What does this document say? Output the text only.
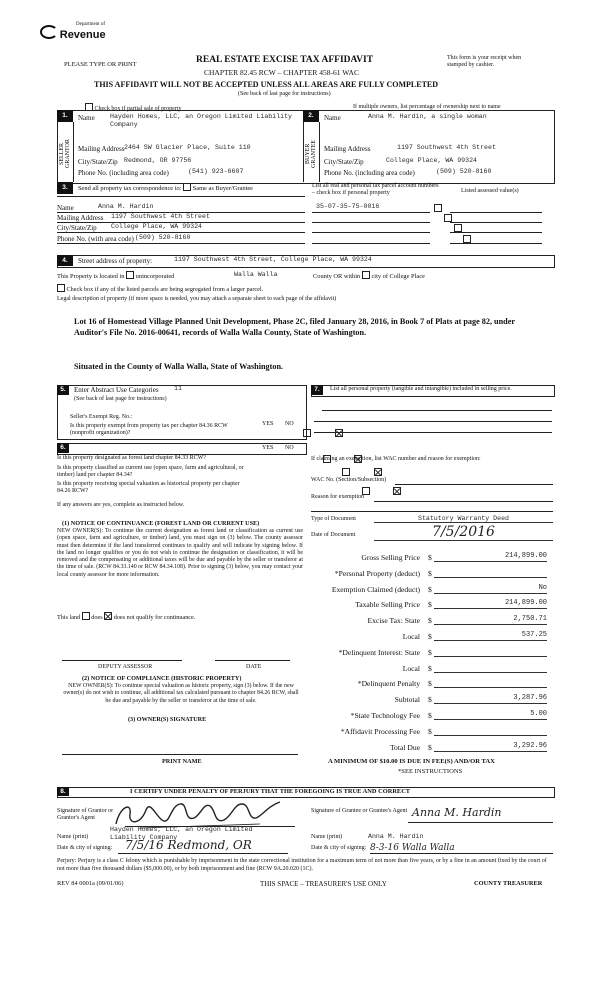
Department of
Revenue
PLEASE TYPE OR PRINT	REAL ESTATE EXCISE TAX AFFIDAVIT
CHAPTER 82.45 RCW – CHAPTER 458-61 WAC
This form is your receipt when stamped by cashier.
THIS AFFIDAVIT WILL NOT BE ACCEPTED UNLESS ALL AREAS ARE FULLY COMPLETED
(See back of last page for instructions)
Check box if partial sale of property	If multiple owners, list percentage of ownership next to name
1.	2.
SELLER GRANTOR	BUYER GRANTEE
Name Hayden Homes, LLC, an Oregon Limited Liability Company
Mailing Address 2464 SW Glacier Place, Suite 110
City/State/Zip Redmond, OR 97756
Phone No. (including area code)	(541) 923-6607
Name	Anna M. Hardin, a single woman
Mailing Address	1197 Southwest 4th Street
City/State/Zip	College Place, WA 99324
Phone No. (including area code)	(509) 520-8160
3.	Send all property tax correspondence to: Same as Buyer/Grantee	List all real and personal tax parcel account numbers – check box if personal property	Listed assessed value(s)
Name	Anna M. Hardin
Mailing Address 1197 Southwest 4th Street
City/State/Zip College Place, WA 99324
Phone No. (with area code) (509) 520-8160
35-07-35-75-0016

4.	Street address of property:	1197 Southwest 4th Street, College Place, WA 99324
This Property is located in unincorporated	Walla Walla	County OR within city of College Place
Check box if any of the listed parcels are being segregated from a larger parcel.
Legal description of property (if more space is needed, you may attach a separate sheet to each page of the affidavit)
Lot 16 of Homestead Village Planned Unit Development, Phase 2C, filed January 28, 2016, in Book 7 of Plats at page 82, under Auditor's File No. 2016-00641, records of Walla Walla County, State of Washington.
Situated in the County of Walla Walla, State of Washington.
5.	Enter Abstract Use Categories 11
(See back of last page for instructions)
Seller's Exempt Reg. No.:
Is this property exempt from property tax per chapter 84.36 RCW (nonprofit organization)?
YES NO

7.	List all personal property (tangible and intangible) included in selling price.
6.	YES NO
Is this property designated as forest land chapter 84.33 RCW?

Is this property classified as current use (open space, farm and agricultural, or timber) land per chapter 84.34?

Is this property receiving special valuation as historical property per chapter 84.26 RCW?

If any answers are yes, complete as instructed below.
(1) NOTICE OF CONTINUANCE (FOREST LAND OR CURRENT USE)
NEW OWNER(S): To continue the current designation as forest land or classification as current use (open space, farm and agriculture, or timber) land, you must sign on (3) below. The county assessor must then determine if the land transferred continues to qualify and will indicate by signing below. If the land no longer qualifies or you do not wish to continue the designation or classification, it will be removed and the compensating or additional taxes will be due and payable by the seller or transferor at the time of sale. (RCW 84.33.140 or RCW 84.34.108). Prior to signing (3) below, you may contact your local county assessor for more information.
This land does does not qualify for continuance.
DEPUTY ASSESSOR	DATE
(2) NOTICE OF COMPLIANCE (HISTORIC PROPERTY)
NEW OWNER(S): To continue special valuation as historic property, sign (3) below. If the new owner(s) do not wish to continue, all additional tax calculated pursuant to chapter 84.26 RCW, shall be due and payable by the seller or transferor at the time of sale.
(3) OWNER(S) SIGNATURE
PRINT NAME
If claiming an exemption, list WAC number and reason for exemption:
WAC No. (Section/Subsection)
Reason for exemption
Type of Document	Statutory Warranty Deed
Date of Document	7/5/2016
Gross Selling Price $	214,899.00
*Personal Property (deduct) $
Exemption Claimed (deduct) $	No
Taxable Selling Price $	214,899.00
Excise Tax: State $	2,750.71
Local $	537.25
*Delinquent Interest: State $
Local $
*Delinquent Penalty $
Subtotal $	3,287.96
*State Technology Fee $	5.00
*Affidavit Processing Fee $
Total Due $	3,292.96
A MINIMUM OF $10.00 IS DUE IN FEE(S) AND/OR TAX
*SEE INSTRUCTIONS
8.	I CERTIFY UNDER PENALTY OF PERJURY THAT THE FOREGOING IS TRUE AND CORRECT
Signature of Grantor or Grantor's Agent
Signature of Grantee or Grantee's Agent Anna M. Hardin
Hayden Homes, LLC, an Oregon Limited Liability Company
Name (print)
Date & city of signing: 7/5/16 Redmond, OR
Name (print)	Anna M. Hardin
Date & city of signing: 8-3-16 Walla Walla
Perjury: Perjury is a class C felony which is punishable by imprisonment in the state correctional institution for a maximum term of not more than five years, or by a fine in an amount fixed by the court of not more than five thousand dollars ($5,000.00), or by both imprisonment and fine (RCW 9A.20.020 (1C).
REV 84 0001a (09/01/06)	THIS SPACE – TREASURER'S USE ONLY	COUNTY TREASURER
